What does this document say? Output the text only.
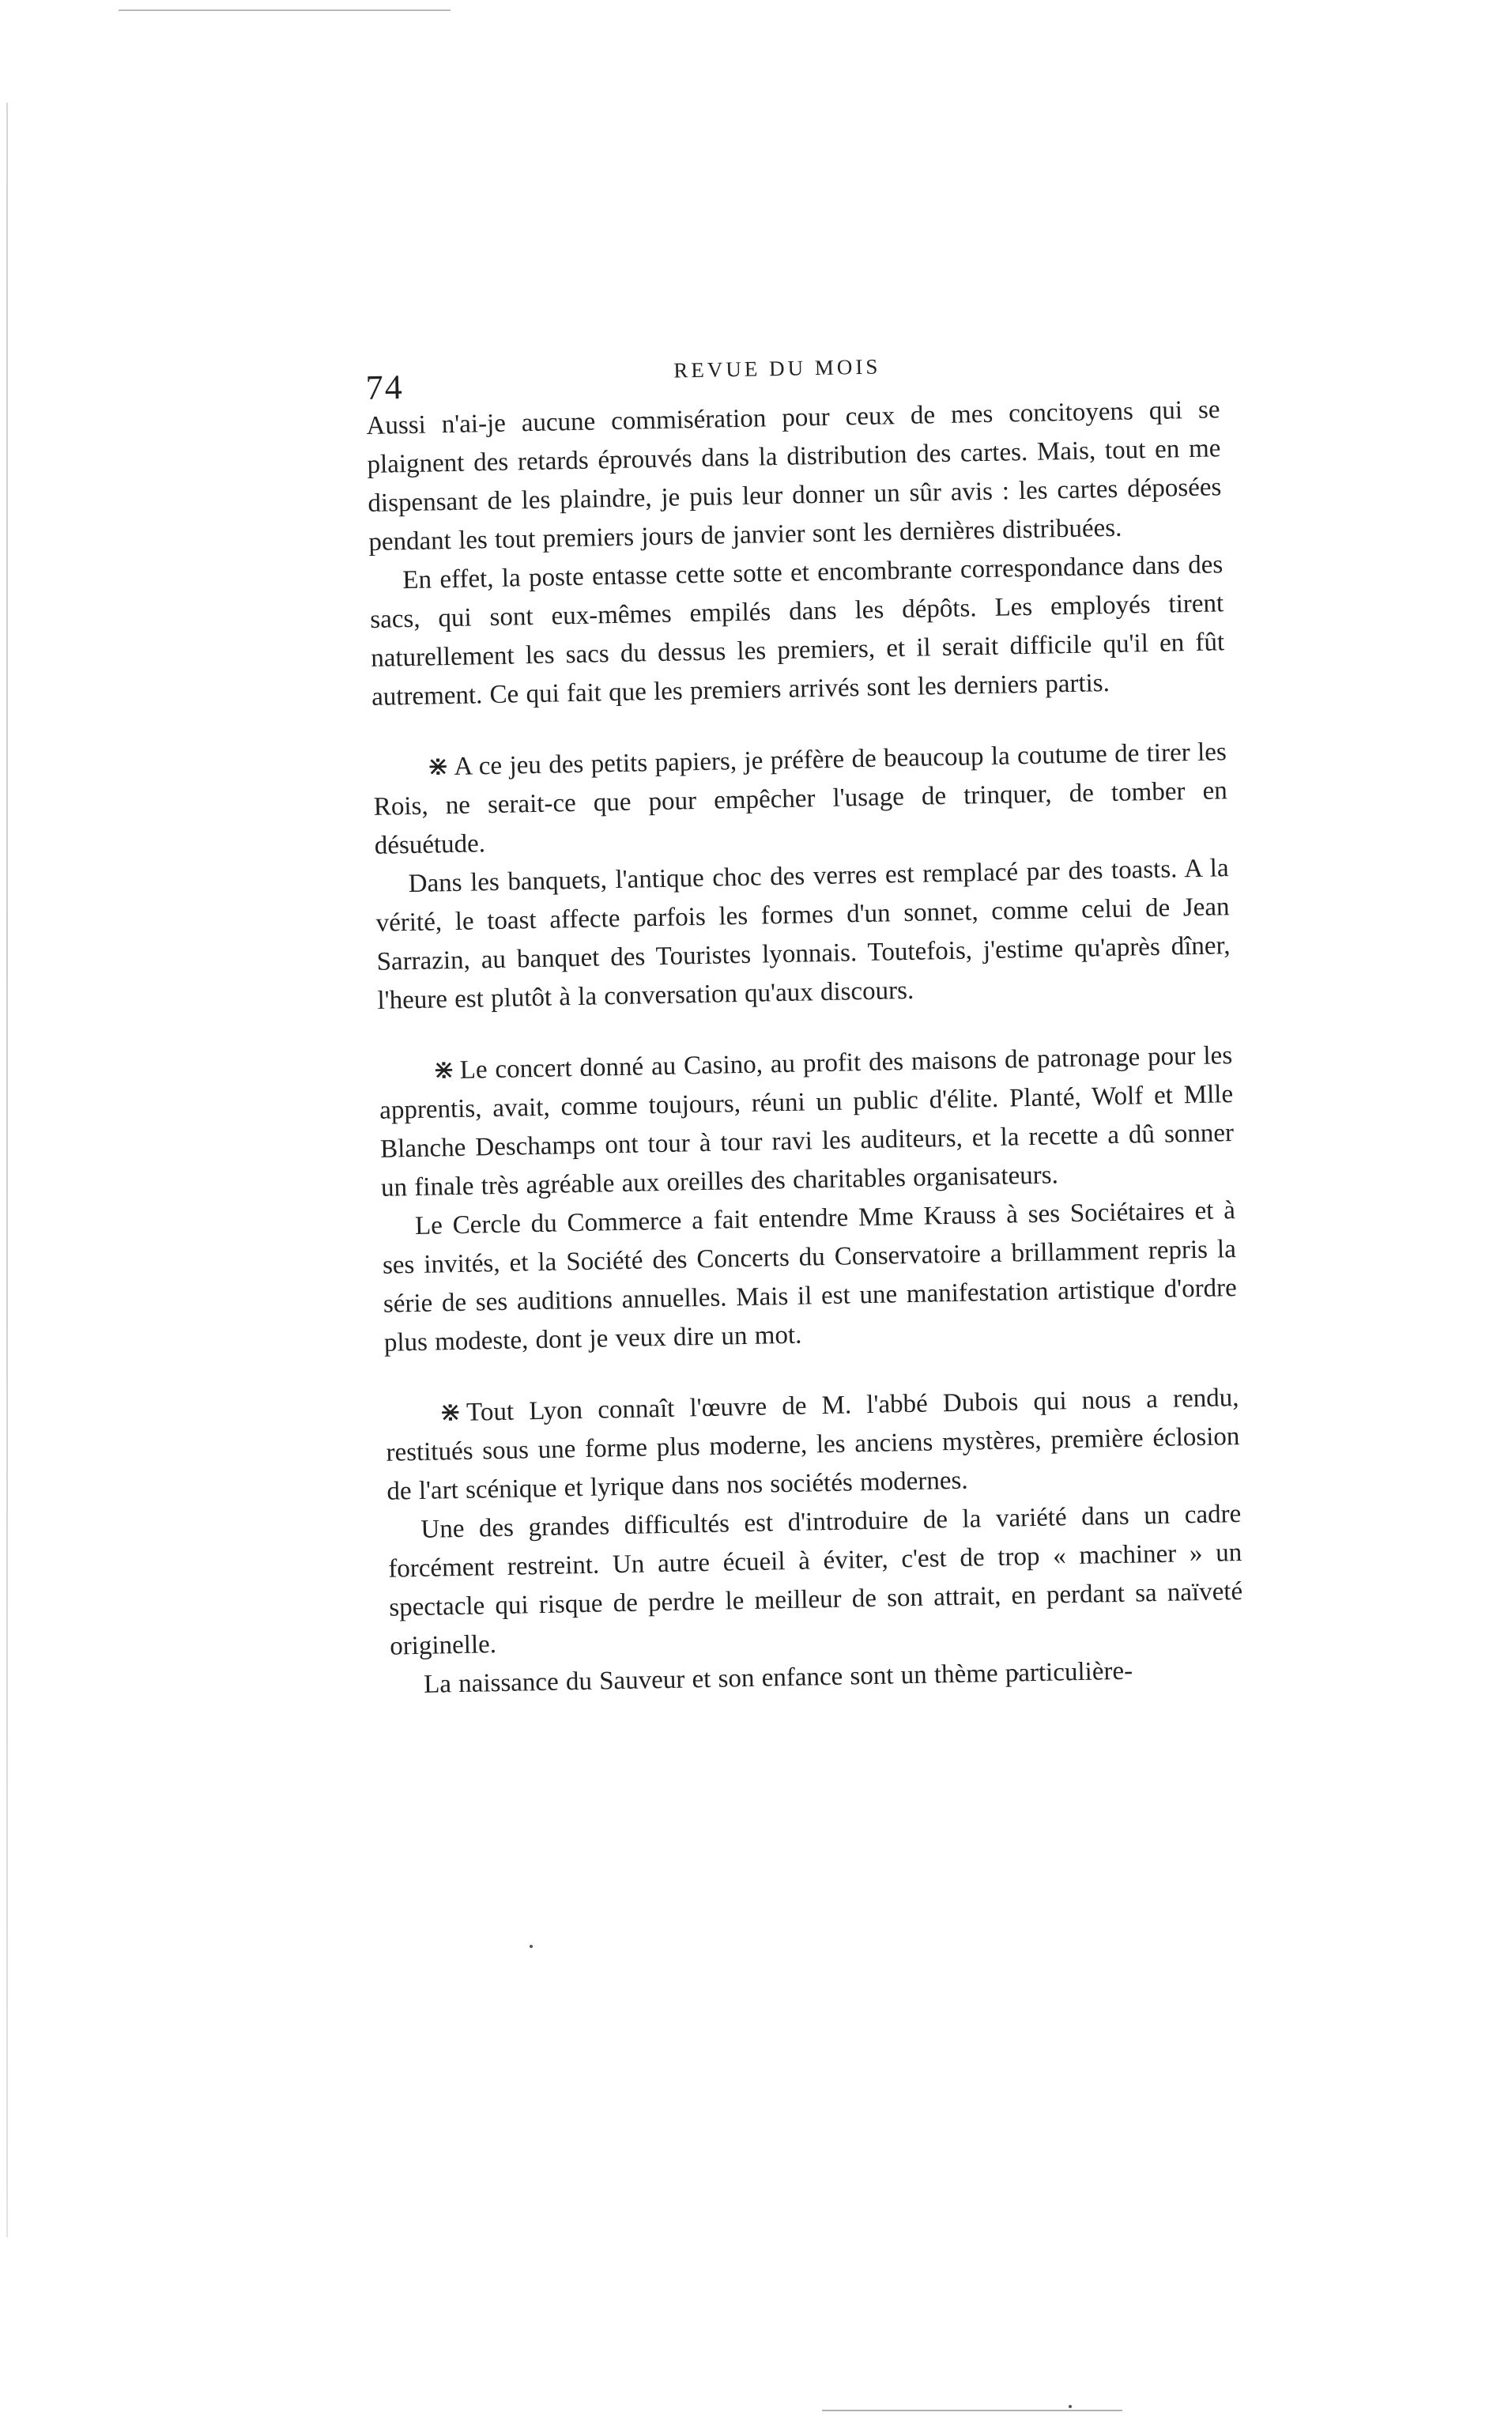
74	REVUE DU MOIS

Aussi n'ai-je aucune commisération pour ceux de mes concitoyens qui se plaignent des retards éprouvés dans la distribution des cartes. Mais, tout en me dispensant de les plaindre, je puis leur donner un sûr avis : les cartes déposées pendant les tout premiers jours de janvier sont les dernières distribuées.

En effet, la poste entasse cette sotte et encombrante correspondance dans des sacs, qui sont eux-mêmes empilés dans les dépôts. Les employés tirent naturellement les sacs du dessus les premiers, et il serait difficile qu'il en fût autrement. Ce qui fait que les premiers arrivés sont les derniers partis.

⋇ A ce jeu des petits papiers, je préfère de beaucoup la coutume de tirer les Rois, ne serait-ce que pour empêcher l'usage de trinquer, de tomber en désuétude.

Dans les banquets, l'antique choc des verres est remplacé par des toasts. A la vérité, le toast affecte parfois les formes d'un sonnet, comme celui de Jean Sarrazin, au banquet des Touristes lyonnais. Toutefois, j'estime qu'après dîner, l'heure est plutôt à la conversation qu'aux discours.

⋇ Le concert donné au Casino, au profit des maisons de patronage pour les apprentis, avait, comme toujours, réuni un public d'élite. Planté, Wolf et Mlle Blanche Deschamps ont tour à tour ravi les auditeurs, et la recette a dû sonner un finale très agréable aux oreilles des charitables organisateurs.

Le Cercle du Commerce a fait entendre Mme Krauss à ses Sociétaires et à ses invités, et la Société des Concerts du Conservatoire a brillamment repris la série de ses auditions annuelles. Mais il est une manifestation artistique d'ordre plus modeste, dont je veux dire un mot.

⋇ Tout Lyon connaît l'œuvre de M. l'abbé Dubois qui nous a rendu, restitués sous une forme plus moderne, les anciens mystères, première éclosion de l'art scénique et lyrique dans nos sociétés modernes.

Une des grandes difficultés est d'introduire de la variété dans un cadre forcément restreint. Un autre écueil à éviter, c'est de trop « machiner » un spectacle qui risque de perdre le meilleur de son attrait, en perdant sa naïveté originelle.

La naissance du Sauveur et son enfance sont un thème particulière-
